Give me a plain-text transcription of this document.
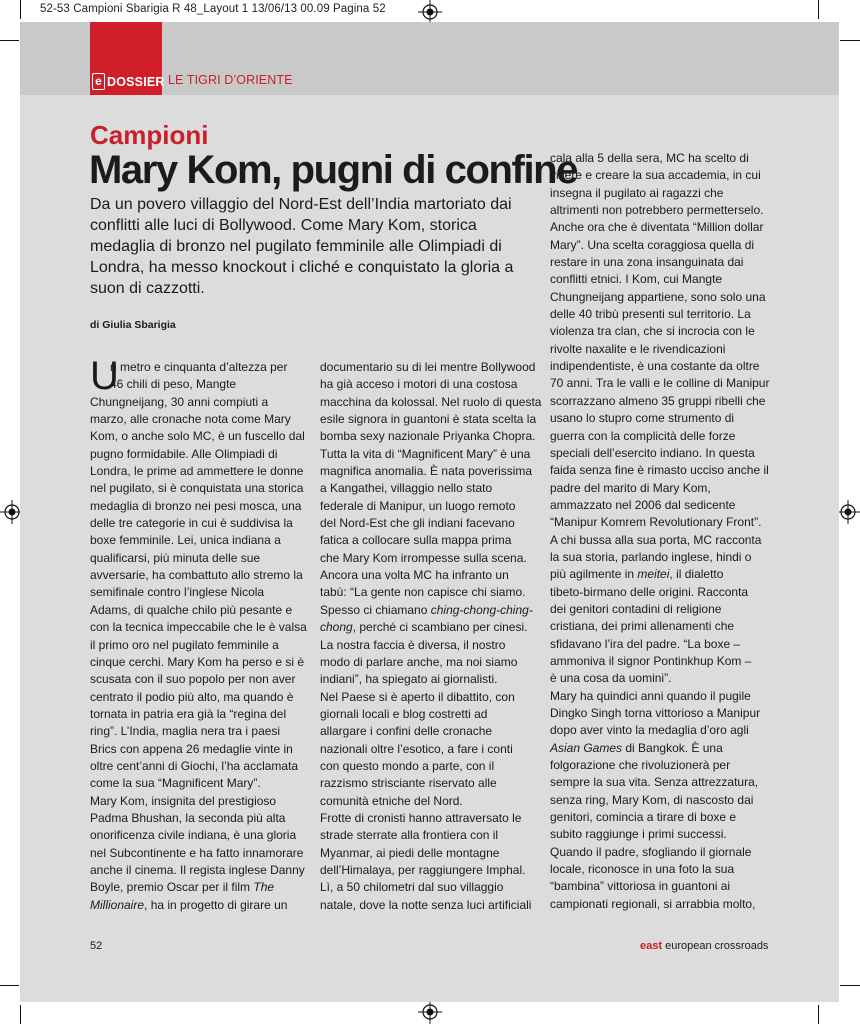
52-53 Campioni Sbarigia R 48_Layout 1 13/06/13 00.09 Pagina 52
e DOSSIER LE TIGRI D’ORIENTE
Campioni
Mary Kom, pugni di confine
Da un povero villaggio del Nord-Est dell’India martoriato dai conflitti alle luci di Bollywood. Come Mary Kom, storica medaglia di bronzo nel pugilato femminile alle Olimpiadi di Londra, ha messo knockout i cliché e conquistato la gloria a suon di cazzotti.
di Giulia Sbarigia
U
n metro e cinquanta d’altezza per
46 chili di peso, Mangte
Chungneijang, 30 anni compiuti a
marzo, alle cronache nota come Mary
Kom, o anche solo MC, è un fuscello dal
pugno formidabile. Alle Olimpiadi di
Londra, le prime ad ammettere le donne
nel pugilato, si è conquistata una storica
medaglia di bronzo nei pesi mosca, una
delle tre categorie in cui è suddivisa la
boxe femminile. Lei, unica indiana a
qualificarsi, più minuta delle sue
avversarie, ha combattuto allo stremo la
semifinale contro l’inglese Nicola
Adams, di qualche chilo più pesante e
con la tecnica impeccabile che le è valsa
il primo oro nel pugilato femminile a
cinque cerchi. Mary Kom ha perso e si è
scusata con il suo popolo per non aver
centrato il podio più alto, ma quando è
tornata in patria era già la “regina del
ring”. L’India, maglia nera tra i paesi
Brics con appena 26 medaglie vinte in
oltre cent’anni di Giochi, l’ha acclamata
come la sua “Magnificent Mary”.
Mary Kom, insignita del prestigioso
Padma Bhushan, la seconda più alta
onorificenza civile indiana, è una gloria
nel Subcontinente e ha fatto innamorare
anche il cinema. Il regista inglese Danny
Boyle, premio Oscar per il film The
Millionaire, ha in progetto di girare un
documentario su di lei mentre Bollywood
ha già acceso i motori di una costosa
macchina da kolossal. Nel ruolo di questa
esile signora in guantoni è stata scelta la
bomba sexy nazionale Priyanka Chopra.
Tutta la vita di “Magnificent Mary” è una
magnifica anomalia. È nata poverissima
a Kangathei, villaggio nello stato
federale di Manipur, un luogo remoto
del Nord-Est che gli indiani facevano
fatica a collocare sulla mappa prima
che Mary Kom irrompesse sulla scena.
Ancora una volta MC ha infranto un
tabù: “La gente non capisce chi siamo.
Spesso ci chiamano ching-chong-ching-
chong, perché ci scambiano per cinesi.
La nostra faccia è diversa, il nostro
modo di parlare anche, ma noi siamo
indiani”, ha spiegato ai giornalisti.
Nel Paese si è aperto il dibattito, con
giornali locali e blog costretti ad
allargare i confini delle cronache
nazionali oltre l’esotico, a fare i conti
con questo mondo a parte, con il
razzismo strisciante riservato alle
comunità etniche del Nord.
Frotte di cronisti hanno attraversato le
strade sterrate alla frontiera con il
Myanmar, ai piedi delle montagne
dell’Himalaya, per raggiungere Imphal.
Lì, a 50 chilometri dal suo villaggio
natale, dove la notte senza luci artificiali
cala alla 5 della sera, MC ha scelto di
vivere e creare la sua accademia, in cui
insegna il pugilato ai ragazzi che
altrimenti non potrebbero permetterselo.
Anche ora che è diventata “Million dollar
Mary”. Una scelta coraggiosa quella di
restare in una zona insanguinata dai
conflitti etnici. I Kom, cui Mangte
Chungneijang appartiene, sono solo una
delle 40 tribù presenti sul territorio. La
violenza tra clan, che si incrocia con le
rivolte naxalite e le rivendicazioni
indipendentiste, è una costante da oltre
70 anni. Tra le valli e le colline di Manipur
scorrazzano almeno 35 gruppi ribelli che
usano lo stupro come strumento di
guerra con la complicità delle forze
speciali dell’esercito indiano. In questa
faida senza fine è rimasto ucciso anche il
padre del marito di Mary Kom,
ammazzato nel 2006 dal sedicente
“Manipur Komrem Revolutionary Front”.
A chi bussa alla sua porta, MC racconta
la sua storia, parlando inglese, hindi o
più agilmente in meitei, il dialetto
tibeto-birmano delle origini. Racconta
dei genitori contadini di religione
cristiana, dei primi allenamenti che
sfidavano l’ira del padre. “La boxe –
ammoniva il signor Pontinkhup Kom –
è una cosa da uomini”.
Mary ha quindici anni quando il pugile
Dingko Singh torna vittorioso a Manipur
dopo aver vinto la medaglia d’oro agli
Asian Games di Bangkok. È una
folgorazione che rivoluzionerà per
sempre la sua vita. Senza attrezzatura,
senza ring, Mary Kom, di nascosto dai
genitori, comincia a tirare di boxe e
subito raggiunge i primi successi.
Quando il padre, sfogliando il giornale
locale, riconosce in una foto la sua
“bambina” vittoriosa in guantoni ai
campionati regionali, si arrabbia molto,
52	east european crossroads
